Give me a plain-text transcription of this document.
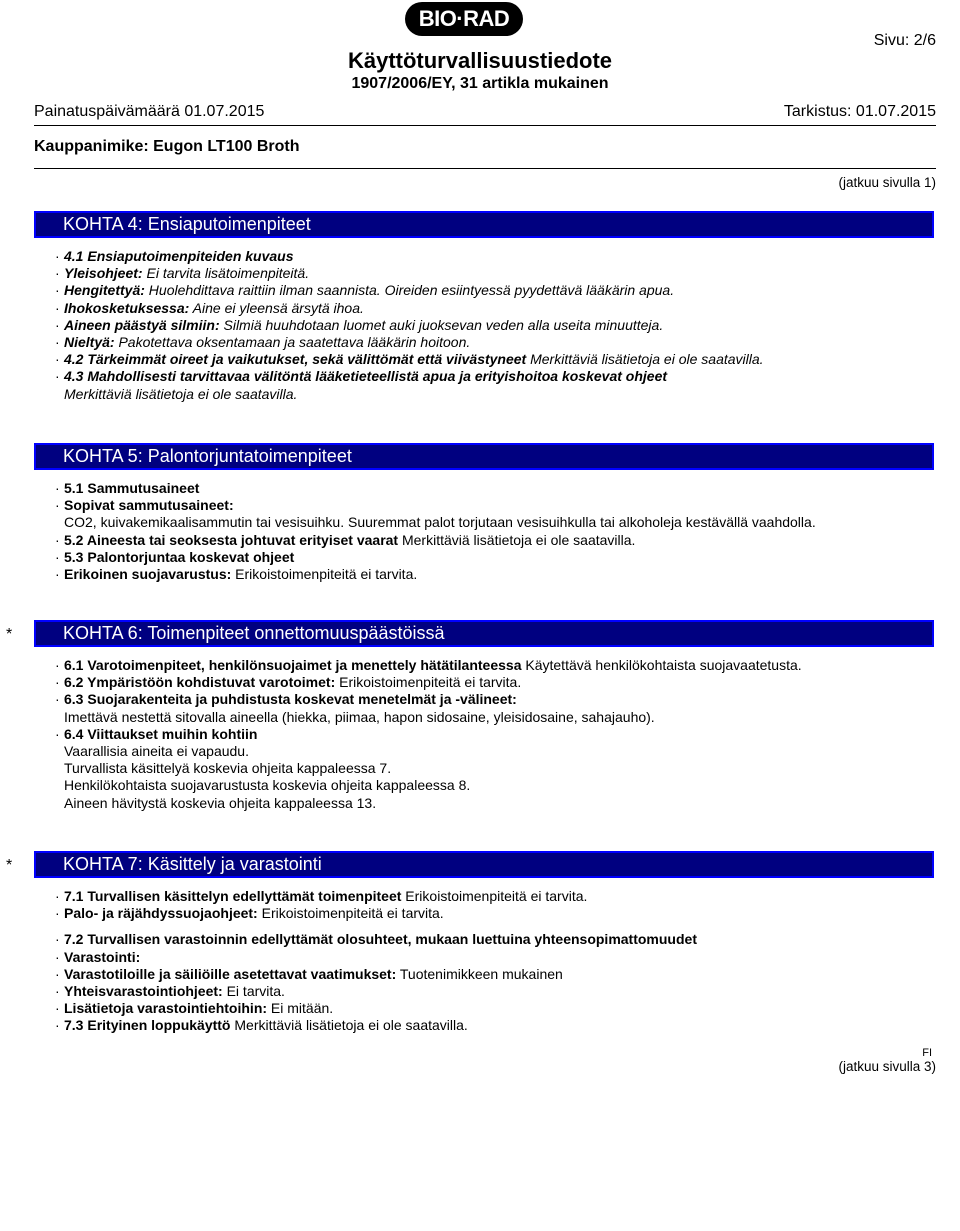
BIO·RAD
Käyttöturvallisuustiedote
1907/2006/EY, 31 artikla mukainen
Sivu: 2/6
Painatuspäivämäärä 01.07.2015	Tarkistus: 01.07.2015
Kauppanimike: Eugon LT100 Broth
(jatkuu sivulla 1)
KOHTA 4: Ensiaputoimenpiteet
· 4.1 Ensiaputoimenpiteiden kuvaus
· Yleisohjeet: Ei tarvita lisätoimenpiteitä.
· Hengitettyä: Huolehdittava raittiin ilman saannista. Oireiden esiintyessä pyydettävä lääkärin apua.
· Ihokosketuksessa: Aine ei yleensä ärsytä ihoa.
· Aineen päästyä silmiin: Silmiä huuhdotaan luomet auki juoksevan veden alla useita minuutteja.
· Nieltyä: Pakotettava oksentamaan ja saatettava lääkärin hoitoon.
· 4.2 Tärkeimmät oireet ja vaikutukset, sekä välittömät että viivästyneet Merkittäviä lisätietoja ei ole saatavilla.
· 4.3 Mahdollisesti tarvittavaa välitöntä lääketieteellistä apua ja erityishoitoa koskevat ohjeet
Merkittäviä lisätietoja ei ole saatavilla.
KOHTA 5: Palontorjuntatoimenpiteet
· 5.1 Sammutusaineet
· Sopivat sammutusaineet:
CO2, kuivakemikaalisammutin tai vesisuihku. Suuremmat palot torjutaan vesisuihkulla tai alkoholeja kestävällä vaahdolla.
· 5.2 Aineesta tai seoksesta johtuvat erityiset vaarat Merkittäviä lisätietoja ei ole saatavilla.
· 5.3 Palontorjuntaa koskevat ohjeet
· Erikoinen suojavarustus: Erikoistoimenpiteitä ei tarvita.
*	KOHTA 6: Toimenpiteet onnettomuuspäästöissä
· 6.1 Varotoimenpiteet, henkilönsuojaimet ja menettely hätätilanteessa Käytettävä henkilökohtaista suojavaatetusta.
· 6.2 Ympäristöön kohdistuvat varotoimet: Erikoistoimenpiteitä ei tarvita.
· 6.3 Suojarakenteita ja puhdistusta koskevat menetelmät ja -välineet:
Imettävä nestettä sitovalla aineella (hiekka, piimaa, hapon sidosaine, yleisidosaine, sahajauho).
· 6.4 Viittaukset muihin kohtiin
Vaarallisia aineita ei vapaudu.
Turvallista käsittelyä koskevia ohjeita kappaleessa 7.
Henkilökohtaista suojavarustusta koskevia ohjeita kappaleessa 8.
Aineen hävitystä koskevia ohjeita kappaleessa 13.
*	KOHTA 7: Käsittely ja varastointi
· 7.1 Turvallisen käsittelyn edellyttämät toimenpiteet Erikoistoimenpiteitä ei tarvita.
· Palo- ja räjähdyssuojaohjeet: Erikoistoimenpiteitä ei tarvita.
· 7.2 Turvallisen varastoinnin edellyttämät olosuhteet, mukaan luettuina yhteensopimattomuudet
· Varastointi:
· Varastotiloille ja säiliöille asetettavat vaatimukset: Tuotenimikkeen mukainen
· Yhteisvarastointiohjeet: Ei tarvita.
· Lisätietoja varastointiehtoihin: Ei mitään.
· 7.3 Erityinen loppukäyttö Merkittäviä lisätietoja ei ole saatavilla.
FI
(jatkuu sivulla 3)
